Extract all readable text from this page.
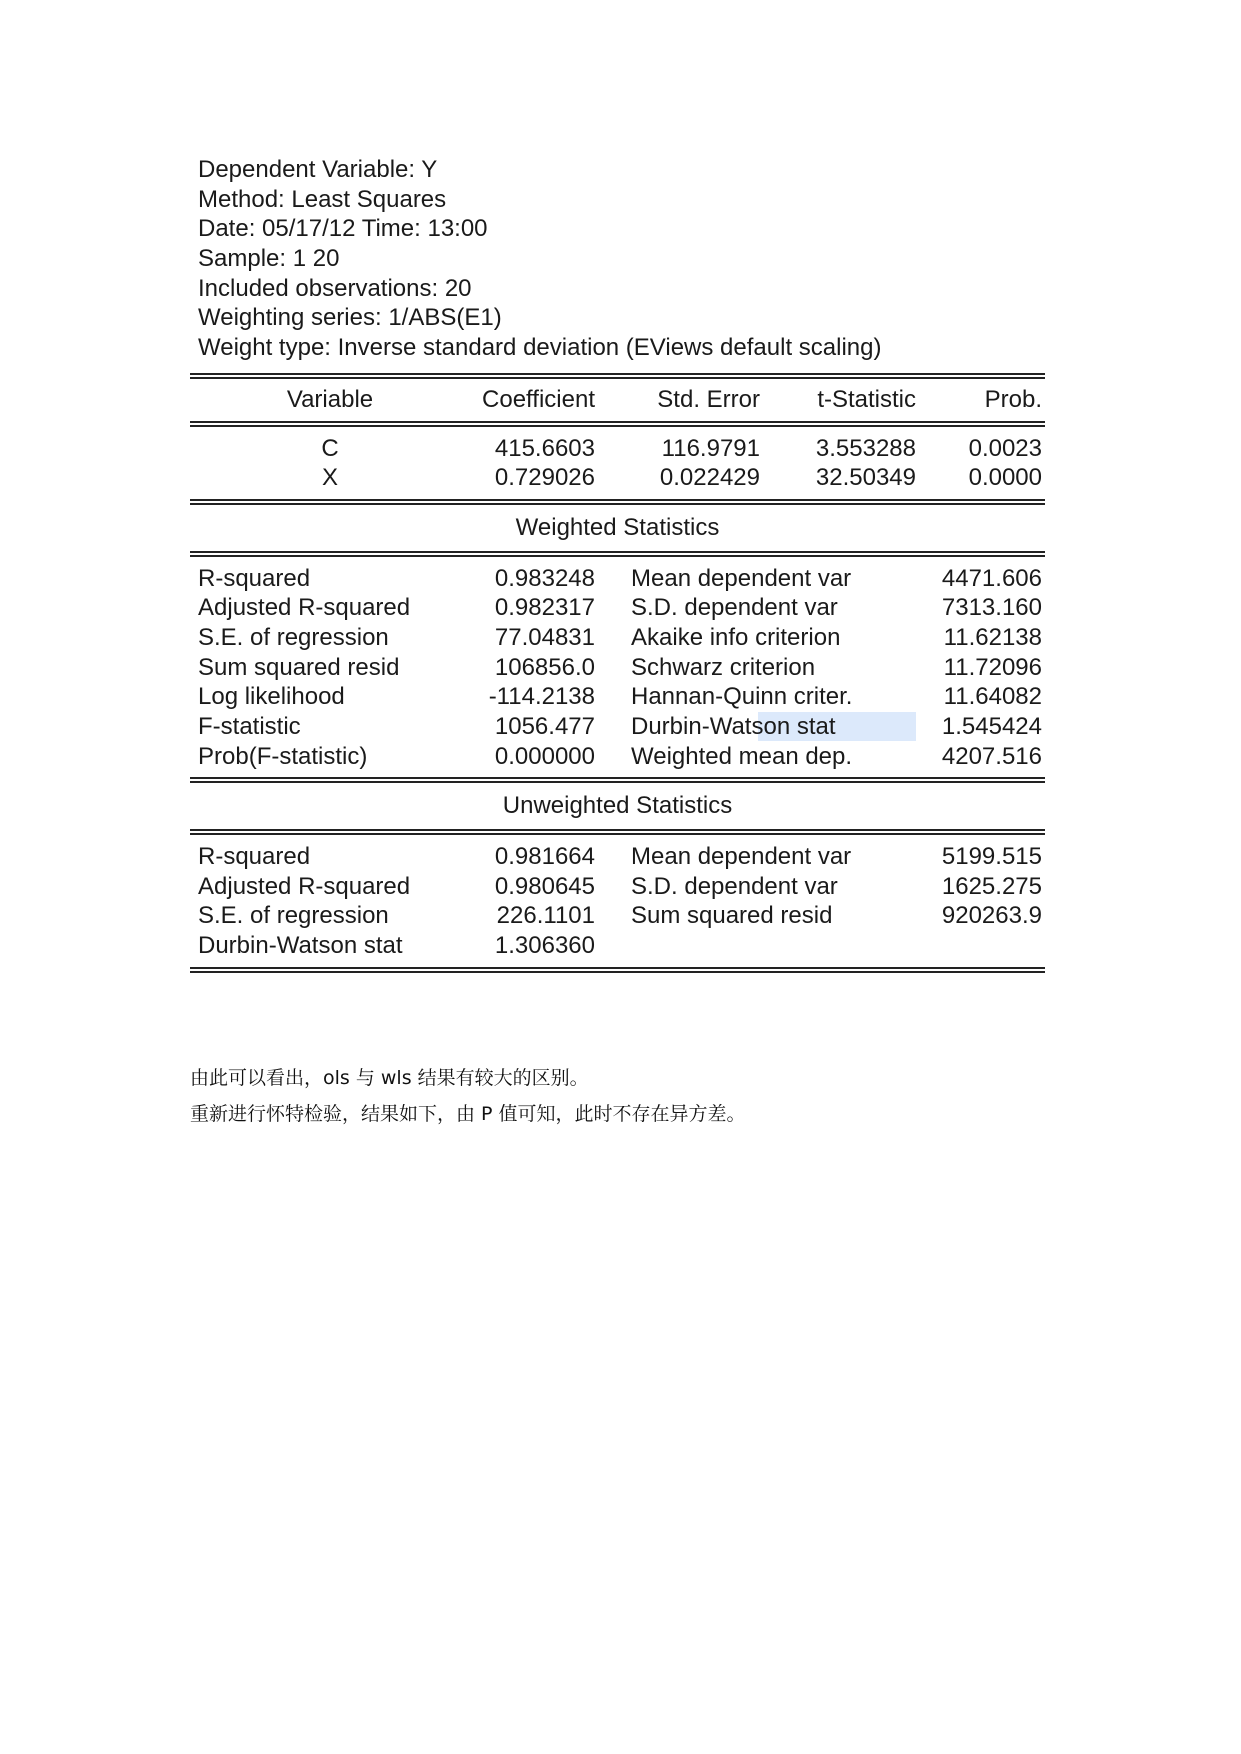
Dependent Variable: Y
Method: Least Squares
Date: 05/17/12 Time: 13:00
Sample: 1 20
Included observations: 20
Weighting series: 1/ABS(E1)
Weight type: Inverse standard deviation (EViews default scaling)
Variable	Coefficient	Std. Error t-Statistic	Prob.
C	415.6603	116.9791 3.553288 0.0023
X	0.729026	0.022429 32.50349 0.0000
Weighted Statistics
R-squared	0.983248 Mean dependent var	4471.606
Adjusted R-squared	0.982317 S.D. dependent var	7313.160
S.E. of regression	77.04831 Akaike info criterion	11.62138
Sum squared resid	106856.0 Schwarz criterion	11.72096
Log likelihood	-114.2138 Hannan-Quinn criter.	11.64082
F-statistic	1056.477 Durbin-Watson stat	1.545424
Prob(F-statistic)	0.000000 Weighted mean dep.	4207.516
Unweighted Statistics
R-squared	0.981664 Mean dependent var	5199.515
Adjusted R-squared	0.980645 S.D. dependent var	1625.275
S.E. of regression	226.1101 Sum squared resid	920263.9
Durbin-Watson stat	1.306360
由此可以看出，ols 与 wls 结果有较大的区别。
重新进行怀特检验，结果如下，由 P 值可知，此时不存在异方差。
